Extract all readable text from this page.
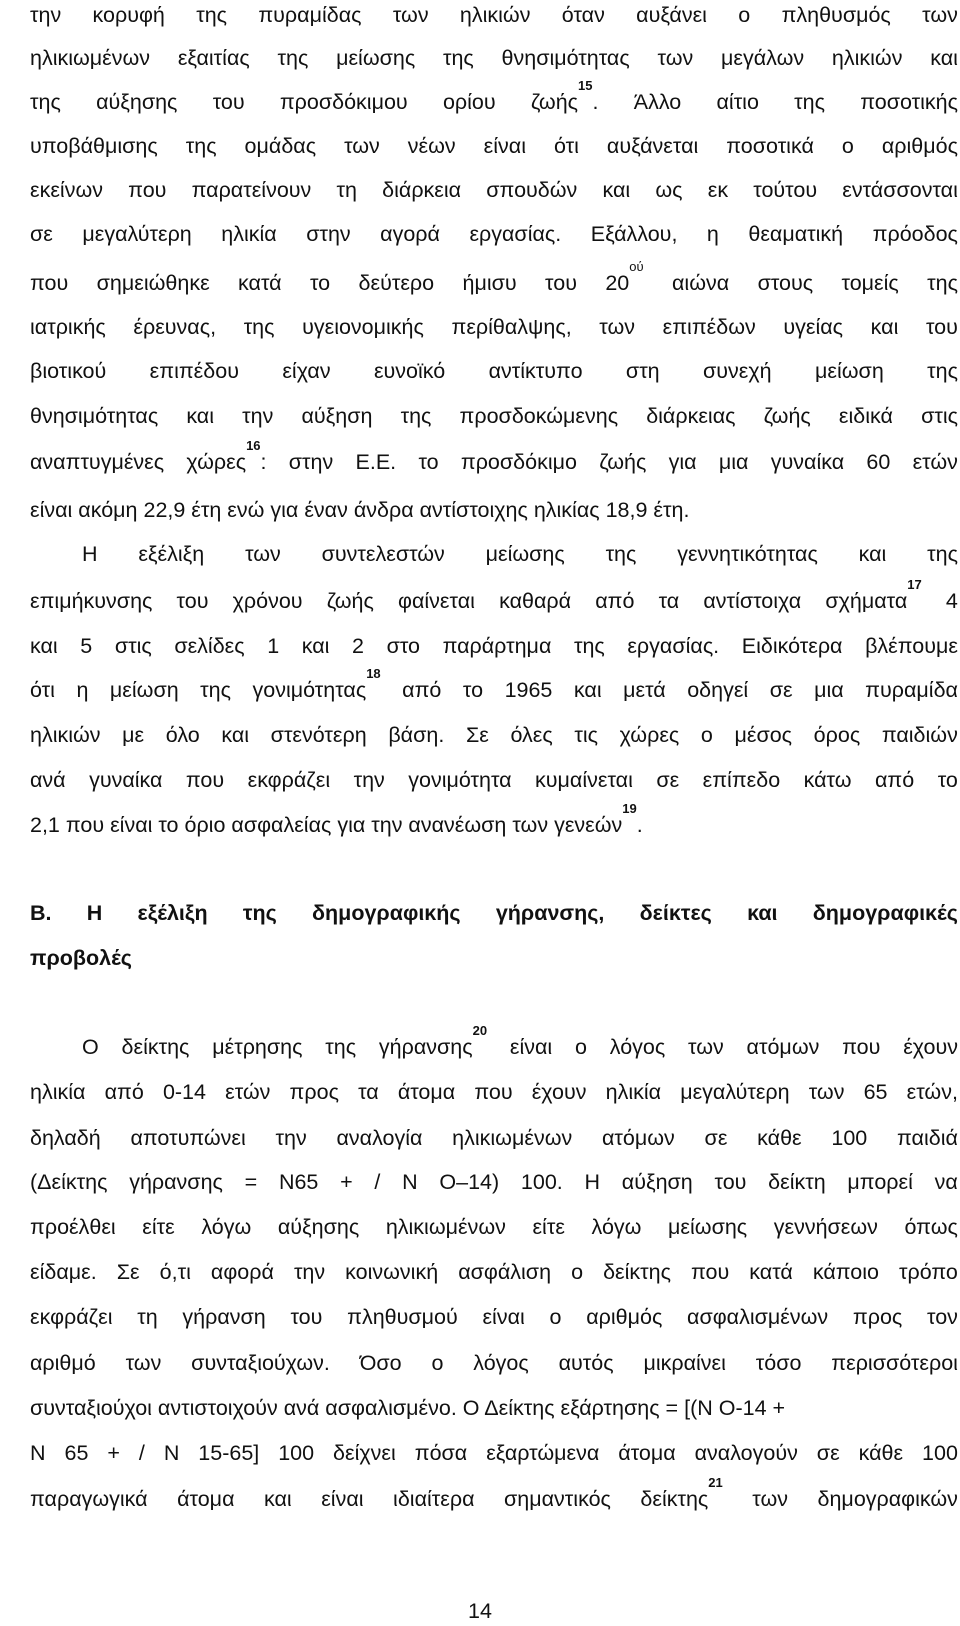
την κορυφή της πυραμίδας των ηλικιών όταν αυξάνει ο πληθυσμός των
ηλικιωμένων εξαιτίας της μείωσης της θνησιμότητας των μεγάλων ηλικιών και
της αύξησης του προσδόκιμου ορίου ζωής$^{15}$. Άλλο αίτιο της ποσοτικής
υποβάθμισης της ομάδας των νέων είναι ότι αυξάνεται ποσοτικά ο αριθμός
εκείνων που παρατείνουν τη διάρκεια σπουδών και ως εκ τούτου εντάσσονται
σε μεγαλύτερη ηλικία στην αγορά εργασίας. Εξάλλου, η θεαματική πρόοδος
που σημειώθηκε κατά το δεύτερο ήμισυ του $20^{oύ}$
αιώνα στους τομείς της
ιατρικής έρευνας, της υγειονομικής περίθαλψης, των επιπέδων υγείας και του
βιοτικού επιπέδου είχαν ευνοϊκό αντίκτυπο στη συνεχή μείωση της
θνησιμότητας και την αύξηση της προσδοκώμενης διάρκειας ζωής ειδικά στις
αναπτυγμένες χώρες$^{16}$: στην Ε.Ε. το προσδόκιμο ζωής για μια γυναίκα 60 ετών
είναι ακόμη 22,9 έτη ενώ για έναν άνδρα αντίστοιχης ηλικίας 18,9 έτη.
Η εξέλιξη των συντελεστών μείωσης της γεννητικότητας και της
επιμήκυνσης του χρόνου ζωής φαίνεται καθαρά από τα αντίστοιχα σχήματα$^{17}$
4
και 5 στις σελίδες 1 και 2 στο παράρτημα της εργασίας. Ειδικότερα βλέπουμε
ότι η μείωση της γονιμότητας$^{18}$
από το 1965 και μετά οδηγεί σε μια πυραμίδα
ηλικιών με όλο και στενότερη βάση. Σε όλες τις χώρες ο μέσος όρος παιδιών
ανά γυναίκα που εκφράζει την γονιμότητα κυμαίνεται σε επίπεδο κάτω από το
2,1 που είναι το όριο ασφαλείας για την ανανέωση των γενεών$^{19}$.
Β. Η εξέλιξη της δημογραφικής γήρανσης, δείκτες και δημογραφικές
προβολές
Ο δείκτης μέτρησης της γήρανσης$^{20}$
είναι ο λόγος των ατόμων που έχουν
ηλικία από 0-14 ετών προς τα άτομα που έχουν ηλικία μεγαλύτερη των 65 ετών,
δηλαδή αποτυπώνει την αναλογία ηλικιωμένων ατόμων σε κάθε 100 παιδιά
(Δείκτης γήρανσης = Ν65 + / Ν Ο–14) 100. Η αύξηση του δείκτη μπορεί να
προέλθει είτε λόγω αύξησης ηλικιωμένων είτε λόγω μείωσης γεννήσεων όπως
είδαμε. Σε ό,τι αφορά την κοινωνική ασφάλιση ο δείκτης που κατά κάποιο τρόπο
εκφράζει τη γήρανση του πληθυσμού είναι ο αριθμός ασφαλισμένων προς τον
αριθμό των συνταξιούχων. Όσο ο λόγος αυτός μικραίνει τόσο περισσότεροι
συνταξιούχοι αντιστοιχούν ανά ασφαλισμένο. Ο Δείκτης εξάρτησης = [(Ν Ο-14 +
Ν 65 + / Ν 15-65] 100 δείχνει πόσα εξαρτώμενα άτομα αναλογούν σε κάθε 100
παραγωγικά άτομα και είναι ιδιαίτερα σημαντικός δείκτης$^{21}$
των δημογραφικών
14
